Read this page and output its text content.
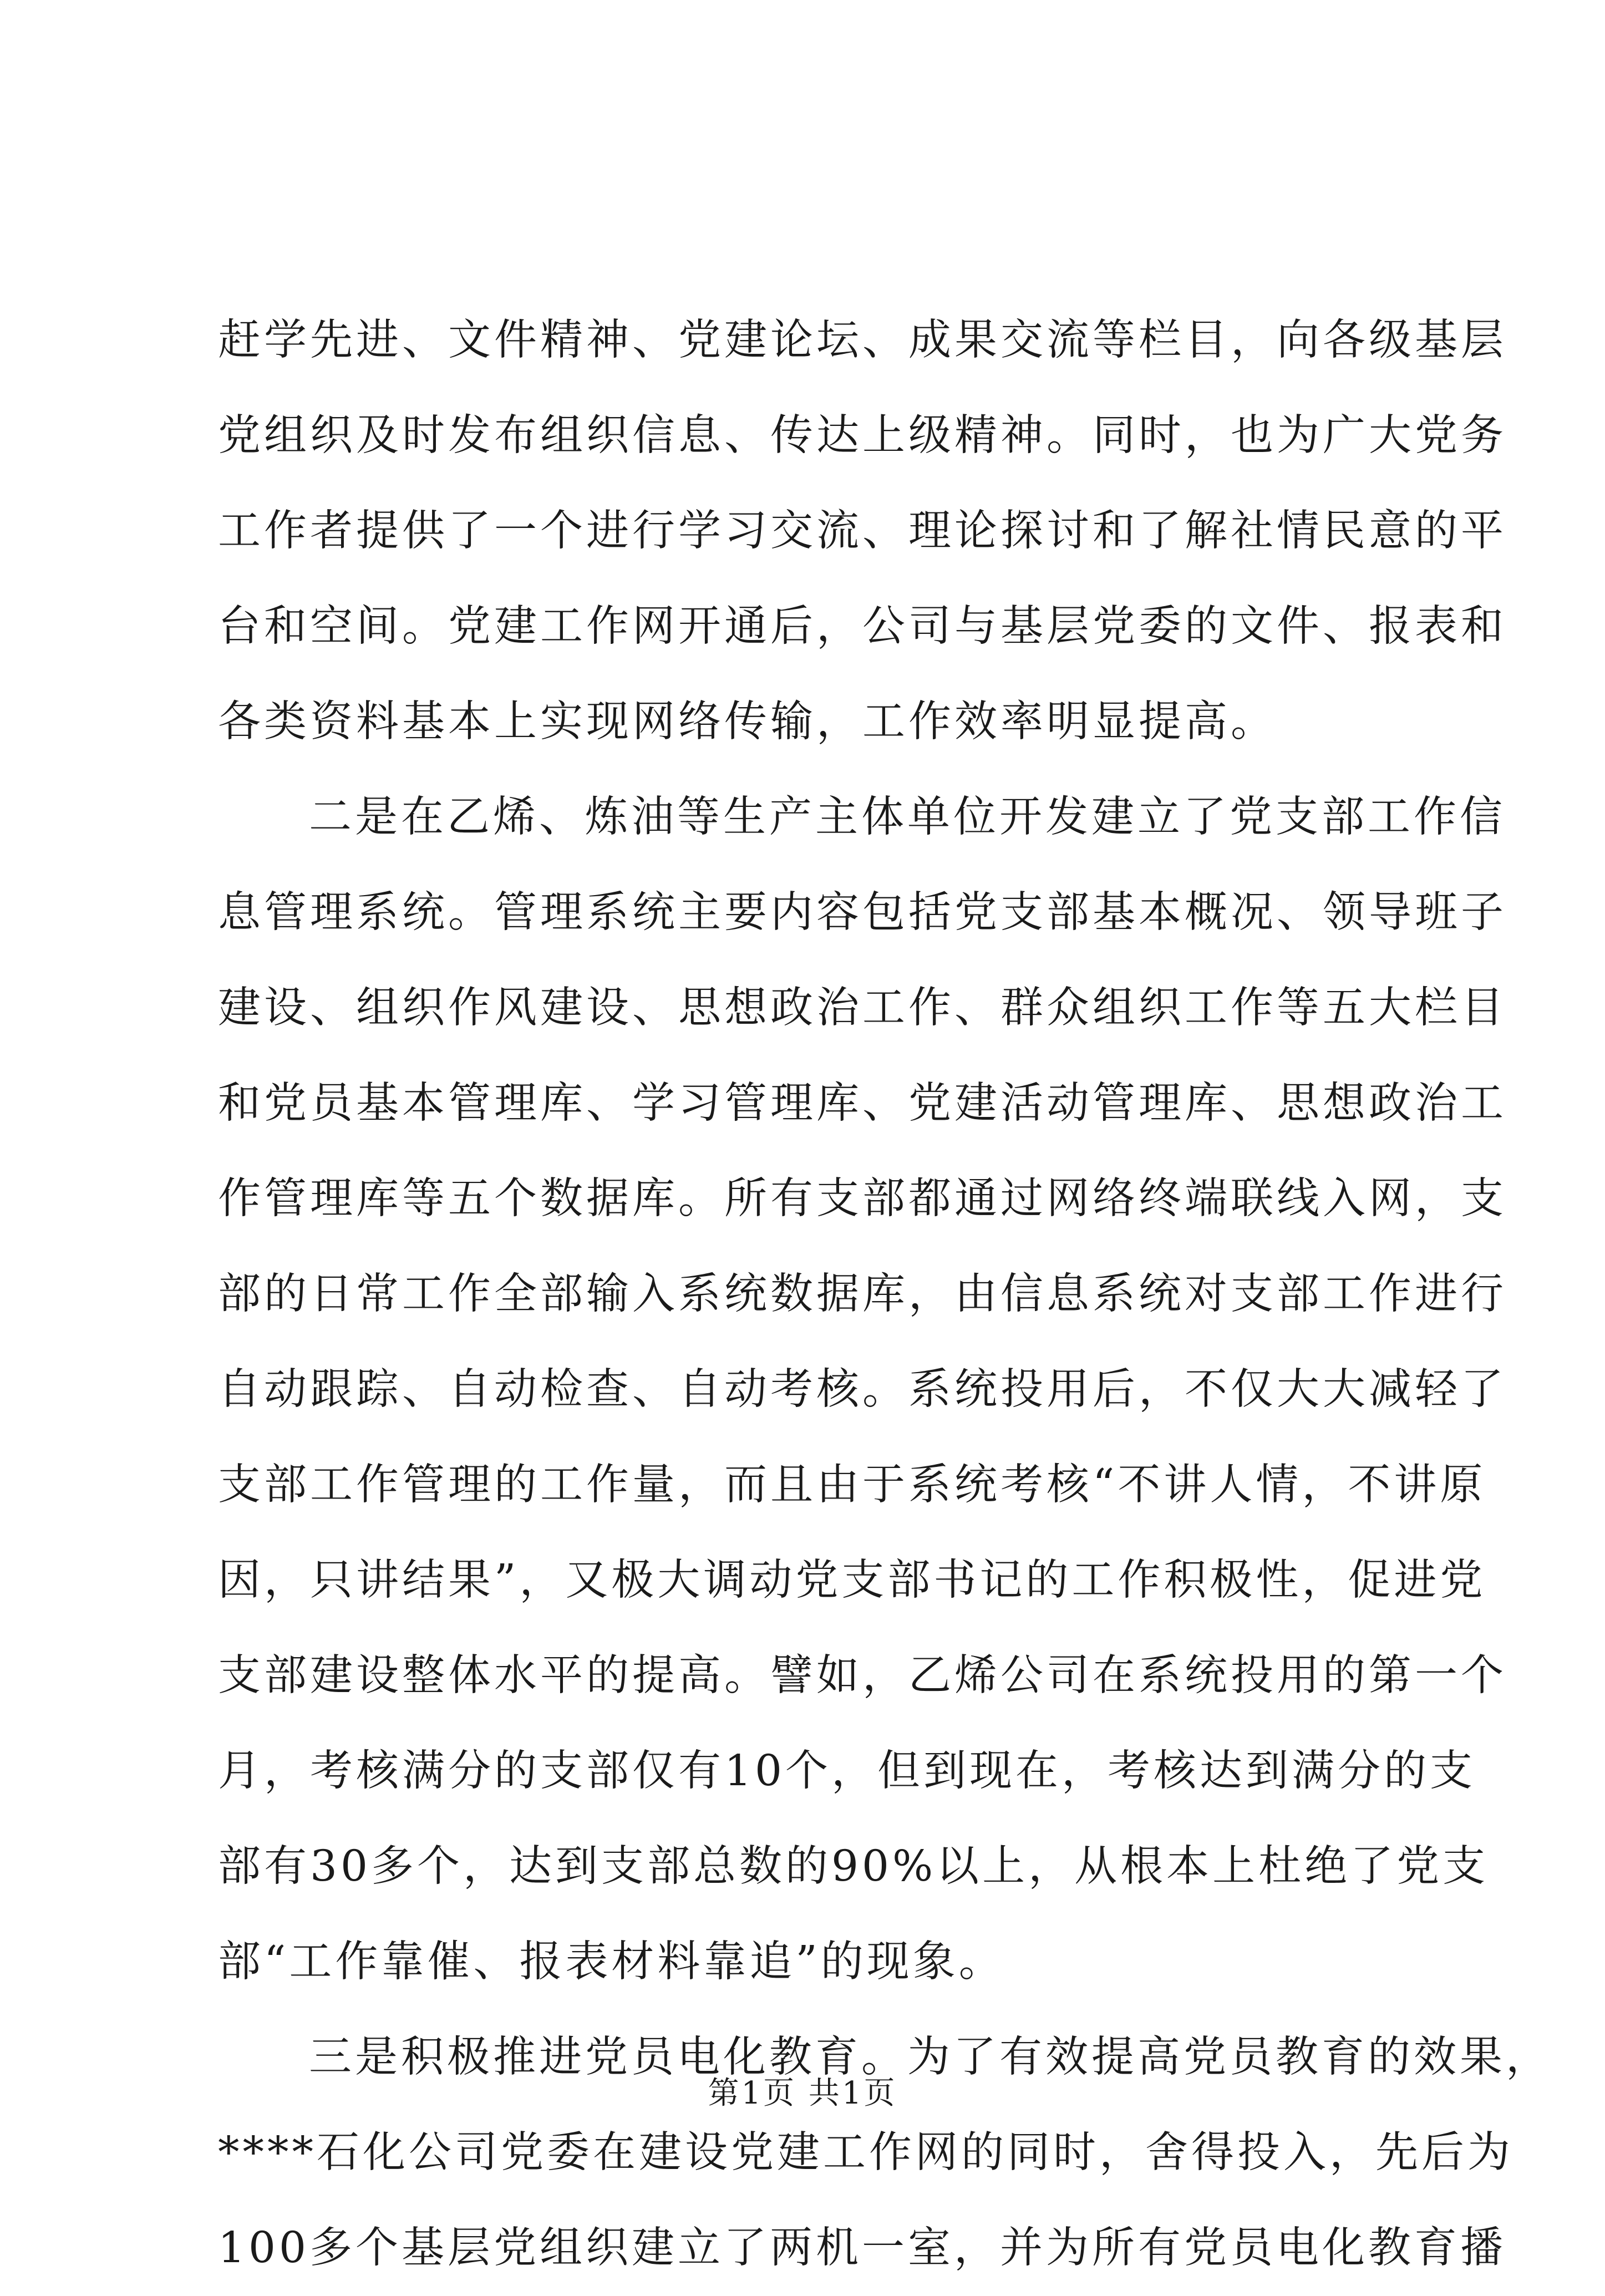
赶学先进、文件精神、党建论坛、成果交流等栏目，向各级基层
党组织及时发布组织信息、传达上级精神。同时，也为广大党务
工作者提供了一个进行学习交流、理论探讨和了解社情民意的平
台和空间。党建工作网开通后，公司与基层党委的文件、报表和
各类资料基本上实现网络传输，工作效率明显提高。
二是在乙烯、炼油等生产主体单位开发建立了党支部工作信
息管理系统。管理系统主要内容包括党支部基本概况、领导班子
建设、组织作风建设、思想政治工作、群众组织工作等五大栏目
和党员基本管理库、学习管理库、党建活动管理库、思想政治工
作管理库等五个数据库。所有支部都通过网络终端联线入网，支
部的日常工作全部输入系统数据库，由信息系统对支部工作进行
自动跟踪、自动检查、自动考核。系统投用后，不仅大大减轻了
支部工作管理的工作量，而且由于系统考核“不讲人情，不讲原
因，只讲结果”，又极大调动党支部书记的工作积极性，促进党
支部建设整体水平的提高。譬如，乙烯公司在系统投用的第一个
月，考核满分的支部仅有10个，但到现在，考核达到满分的支
部有30多个，达到支部总数的90%以上，从根本上杜绝了党支
部“工作靠催、报表材料靠追”的现象。
三是积极推进党员电化教育。为了有效提高党员教育的效果，
****石化公司党委在建设党建工作网的同时，舍得投入，先后为
100多个基层党组织建立了两机一室，并为所有党员电化教育播
第1页 共1页
